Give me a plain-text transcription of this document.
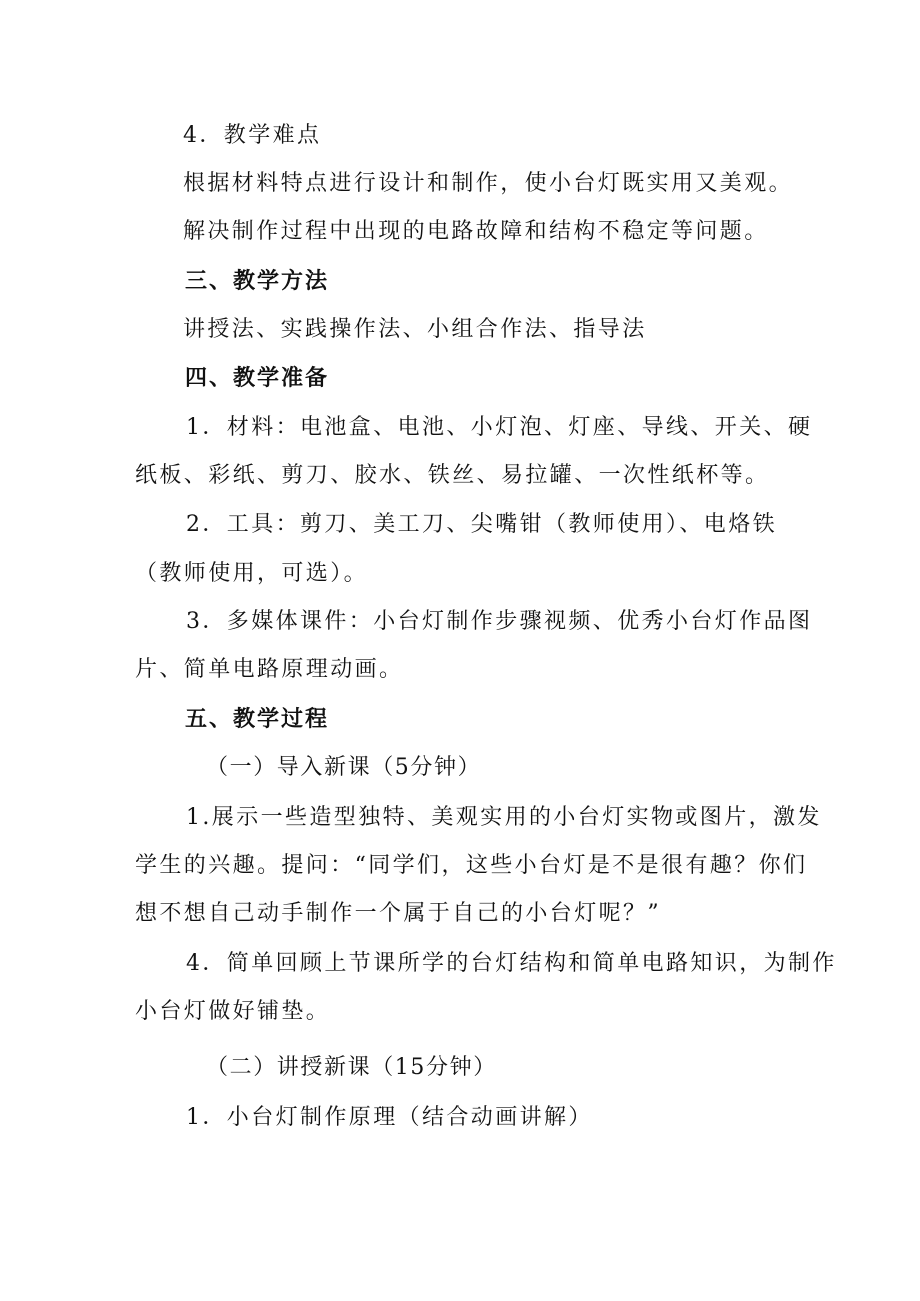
4．教学难点
根据材料特点进行设计和制作，使小台灯既实用又美观。
解决制作过程中出现的电路故障和结构不稳定等问题。
三、教学方法
讲授法、实践操作法、小组合作法、指导法
四、教学准备
1．材料：电池盒、电池、小灯泡、灯座、导线、开关、硬
纸板、彩纸、剪刀、胶水、铁丝、易拉罐、一次性纸杯等。
2．工具：剪刀、美工刀、尖嘴钳（教师使用）、电烙铁
（教师使用，可选）。
3．多媒体课件：小台灯制作步骤视频、优秀小台灯作品图
片、简单电路原理动画。
五、教学过程
（一）导入新课（5分钟）
1.展示一些造型独特、美观实用的小台灯实物或图片，激发
学生的兴趣。提问：“同学们，这些小台灯是不是很有趣？你们
想不想自己动手制作一个属于自己的小台灯呢？”
4．简单回顾上节课所学的台灯结构和简单电路知识，为制作
小台灯做好铺垫。
（二）讲授新课（15分钟）
1．小台灯制作原理（结合动画讲解）
